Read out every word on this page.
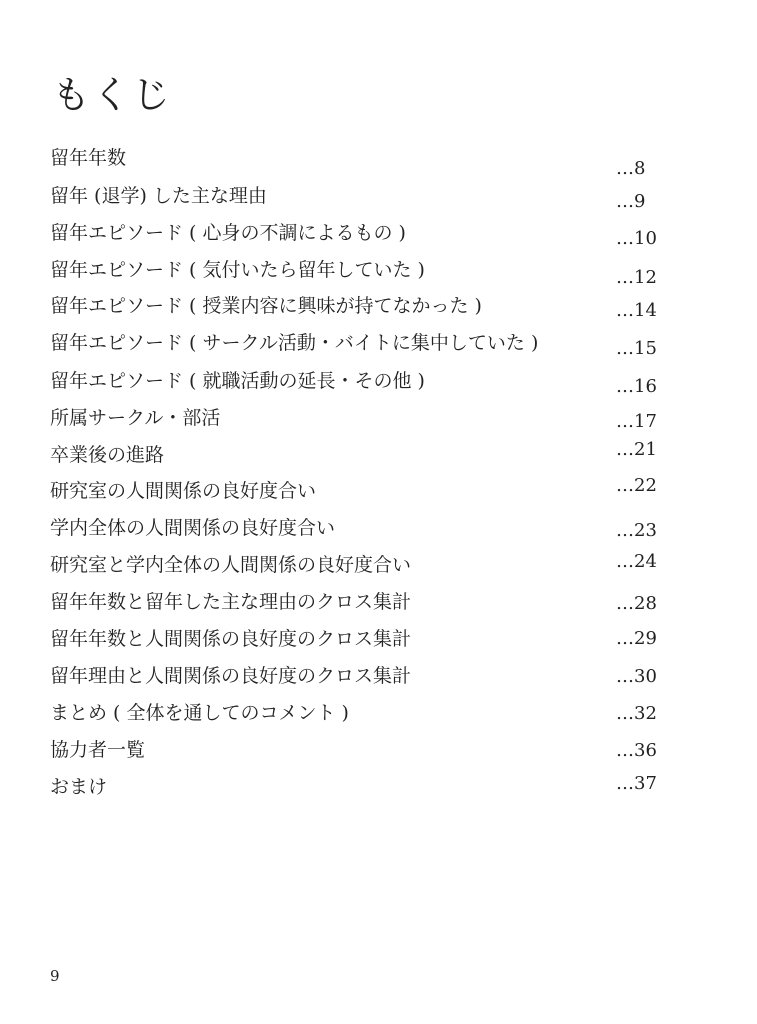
もくじ
留年年数	…8
留年 (退学) した主な理由	…9
留年エピソード ( 心身の不調によるもの )	…10
留年エピソード ( 気付いたら留年していた )	…12
留年エピソード ( 授業内容に興味が持てなかった )	…14
留年エピソード ( サークル活動・バイトに集中していた )	…15
留年エピソード ( 就職活動の延長・その他 )	…16
所属サークル・部活	…17
卒業後の進路	…21
研究室の人間関係の良好度合い	…22
学内全体の人間関係の良好度合い	…23
研究室と学内全体の人間関係の良好度合い	…24
留年年数と留年した主な理由のクロス集計	…28
留年年数と人間関係の良好度のクロス集計	…29
留年理由と人間関係の良好度のクロス集計	…30
まとめ ( 全体を通してのコメント )	…32
協力者一覧	…36
おまけ	…37
9
